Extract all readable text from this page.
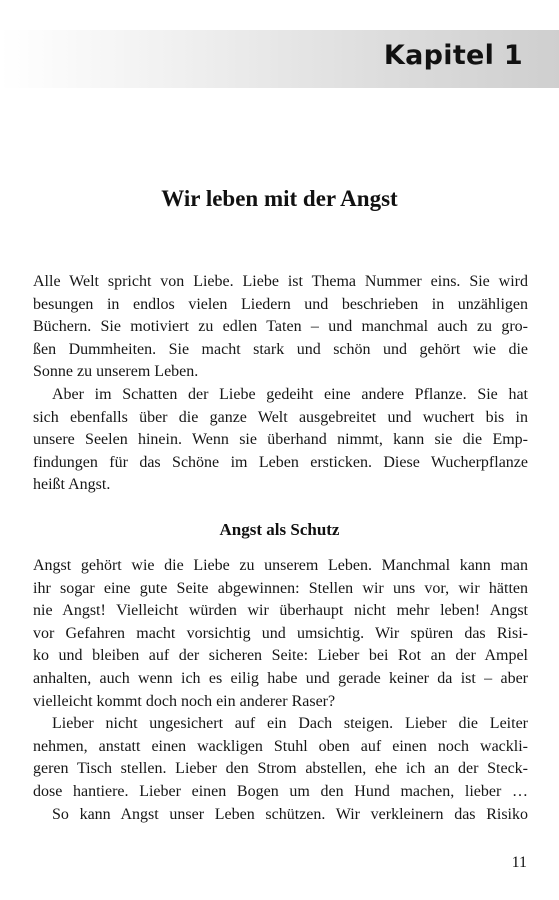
Kapitel 1
Wir leben mit der Angst
Alle Welt spricht von Liebe. Liebe ist Thema Nummer eins. Sie wird
besungen in endlos vielen Liedern und beschrieben in unzähligen
Büchern. Sie motiviert zu edlen Taten – und manchmal auch zu gro-
ßen Dummheiten. Sie macht stark und schön und gehört wie die
Sonne zu unserem Leben.
Aber im Schatten der Liebe gedeiht eine andere Pflanze. Sie hat
sich ebenfalls über die ganze Welt ausgebreitet und wuchert bis in
unsere Seelen hinein. Wenn sie überhand nimmt, kann sie die Emp-
findungen für das Schöne im Leben ersticken. Diese Wucherpflanze
heißt Angst.
Angst als Schutz
Angst gehört wie die Liebe zu unserem Leben. Manchmal kann man
ihr sogar eine gute Seite abgewinnen: Stellen wir uns vor, wir hätten
nie Angst! Vielleicht würden wir überhaupt nicht mehr leben! Angst
vor Gefahren macht vorsichtig und umsichtig. Wir spüren das Risi-
ko und bleiben auf der sicheren Seite: Lieber bei Rot an der Ampel
anhalten, auch wenn ich es eilig habe und gerade keiner da ist – aber
vielleicht kommt doch noch ein anderer Raser?
Lieber nicht ungesichert auf ein Dach steigen. Lieber die Leiter
nehmen, anstatt einen wackligen Stuhl oben auf einen noch wackli-
geren Tisch stellen. Lieber den Strom abstellen, ehe ich an der Steck-
dose hantiere. Lieber einen Bogen um den Hund machen, lieber …
So kann Angst unser Leben schützen. Wir verkleinern das Risiko
11
